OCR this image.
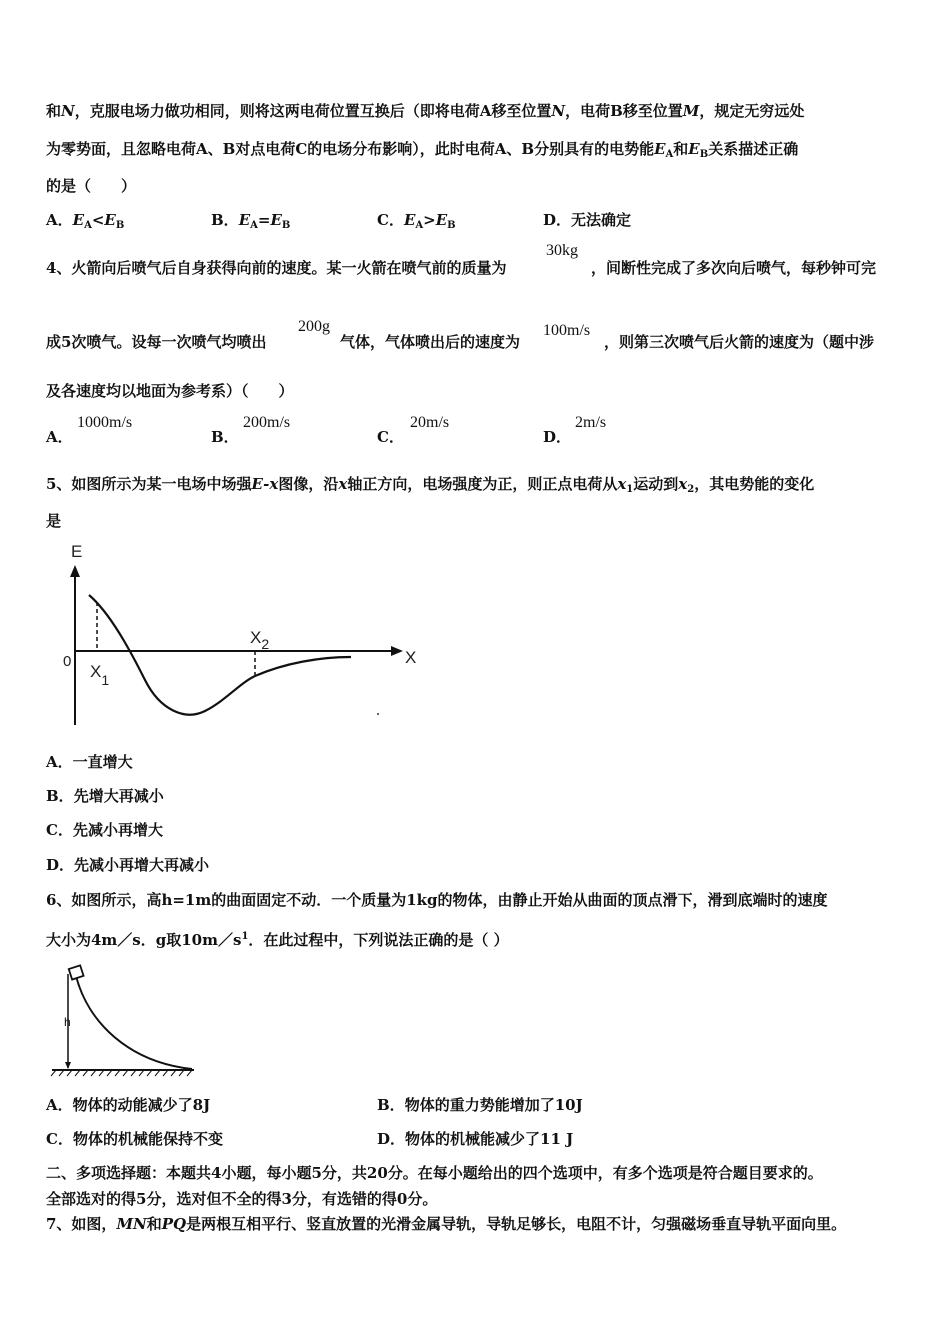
和N，克服电场力做功相同，则将这两电荷位置互换后（即将电荷A移至位置N，电荷B移至位置M，规定无穷远处
为零势面，且忽略电荷A、B对点电荷C的电场分布影响），此时电荷A、B分别具有的电势能$E_A$和$E_B$关系描述正确
的是（　　）
A．$E_A<E_B$	B．$E_A=E_B$	C．$E_A>E_B$	D．无法确定
4、火箭向后喷气后自身获得向前的速度。某一火箭在喷气前的质量为
30kg
，间断性完成了多次向后喷气，每秒钟可完
成5次喷气。设每一次喷气均喷出
200g
气体，气体喷出后的速度为
100m/s
，则第三次喷气后火箭的速度为（题中涉
及各速度均以地面为参考系）（　　）
A．
1000m/s
B．
200m/s
C．
20m/s
D．
2m/s
5、如图所示为某一电场中场强E-x图像，沿x轴正方向，电场强度为正，则正点电荷从$x_1$运动到$x_2$，其电势能的变化
是
E
X
0
$X_1$
$X_2$
A．一直增大
B．先增大再减小
C．先减小再增大
D．先减小再增大再减小
6、如图所示，高h=1m的曲面固定不动．一个质量为1kg的物体，由静止开始从曲面的顶点滑下，滑到底端时的速度
大小为4m／s．g取$10m/s^1$．在此过程中，下列说法正确的是（ ）
h
A．物体的动能减少了8J	B．物体的重力势能增加了10J
C．物体的机械能保持不变	D．物体的机械能减少了11 J
二、多项选择题：本题共4小题，每小题5分，共20分。在每小题给出的四个选项中，有多个选项是符合题目要求的。
全部选对的得5分，选对但不全的得3分，有选错的得0分。
7、如图，MN和PQ是两根互相平行、竖直放置的光滑金属导轨，导轨足够长，电阻不计，匀强磁场垂直导轨平面向里。
